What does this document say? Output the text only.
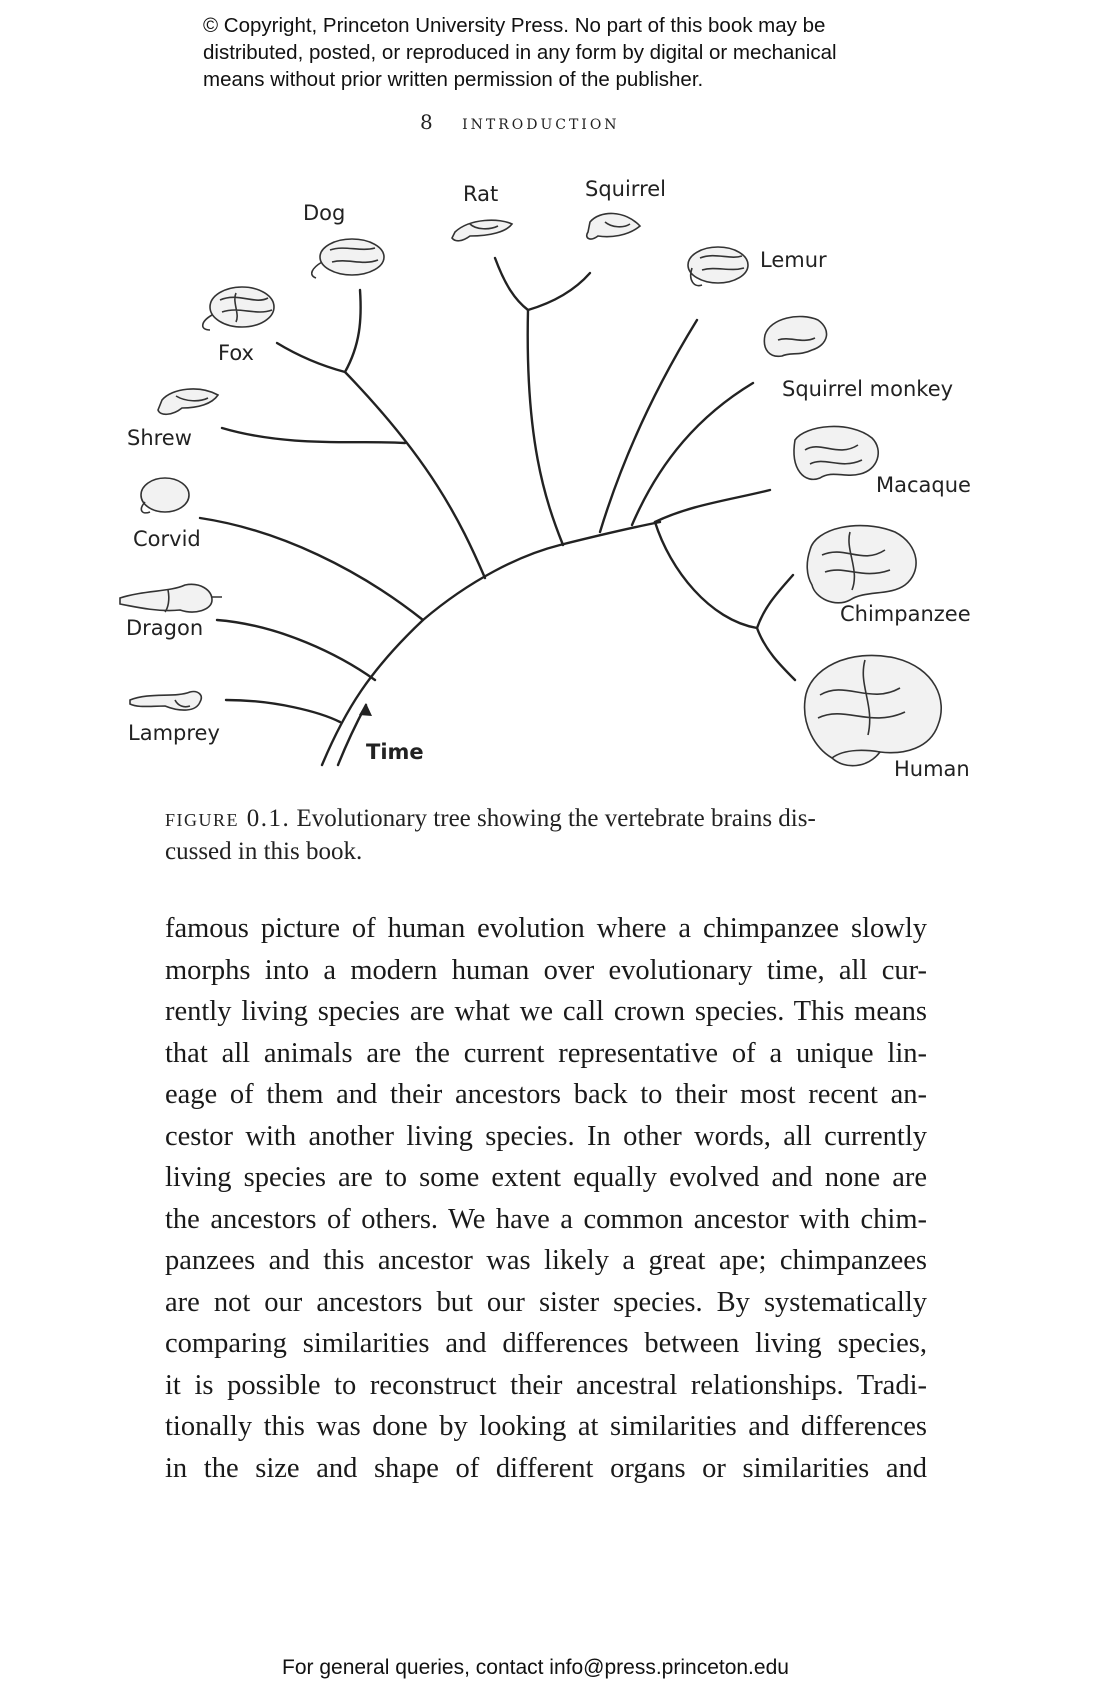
© Copyright, Princeton University Press. No part of this book may be
distributed, posted, or reproduced in any form by digital or mechanical
means without prior written permission of the publisher.
8 introduction
Dog
Rat	Squirrel
Lemur
Fox
Squirrel monkey
Shrew
Macaque
Corvid
Chimpanzee
Dragon
Lamprey
Time
Human
figure 0.1. Evolutionary tree showing the vertebrate brains dis-
cussed in this book.
famous picture of human evolution where a chimpanzee slowly
morphs into a modern human over evolutionary time, all cur-
rently living species are what we call crown species. This means
that all animals are the current representative of a unique lin-
eage of them and their ancestors back to their most recent an-
cestor with another living species. In other words, all currently
living species are to some extent equally evolved and none are
the ancestors of others. We have a common ancestor with chim-
panzees and this ancestor was likely a great ape; chimpanzees
are not our ancestors but our sister species. By systematically
comparing similarities and differences between living species,
it is possible to reconstruct their ancestral relationships. Tradi-
tionally this was done by looking at similarities and differences
in the size and shape of different organs or similarities and
For general queries, contact info@press.princeton.edu
